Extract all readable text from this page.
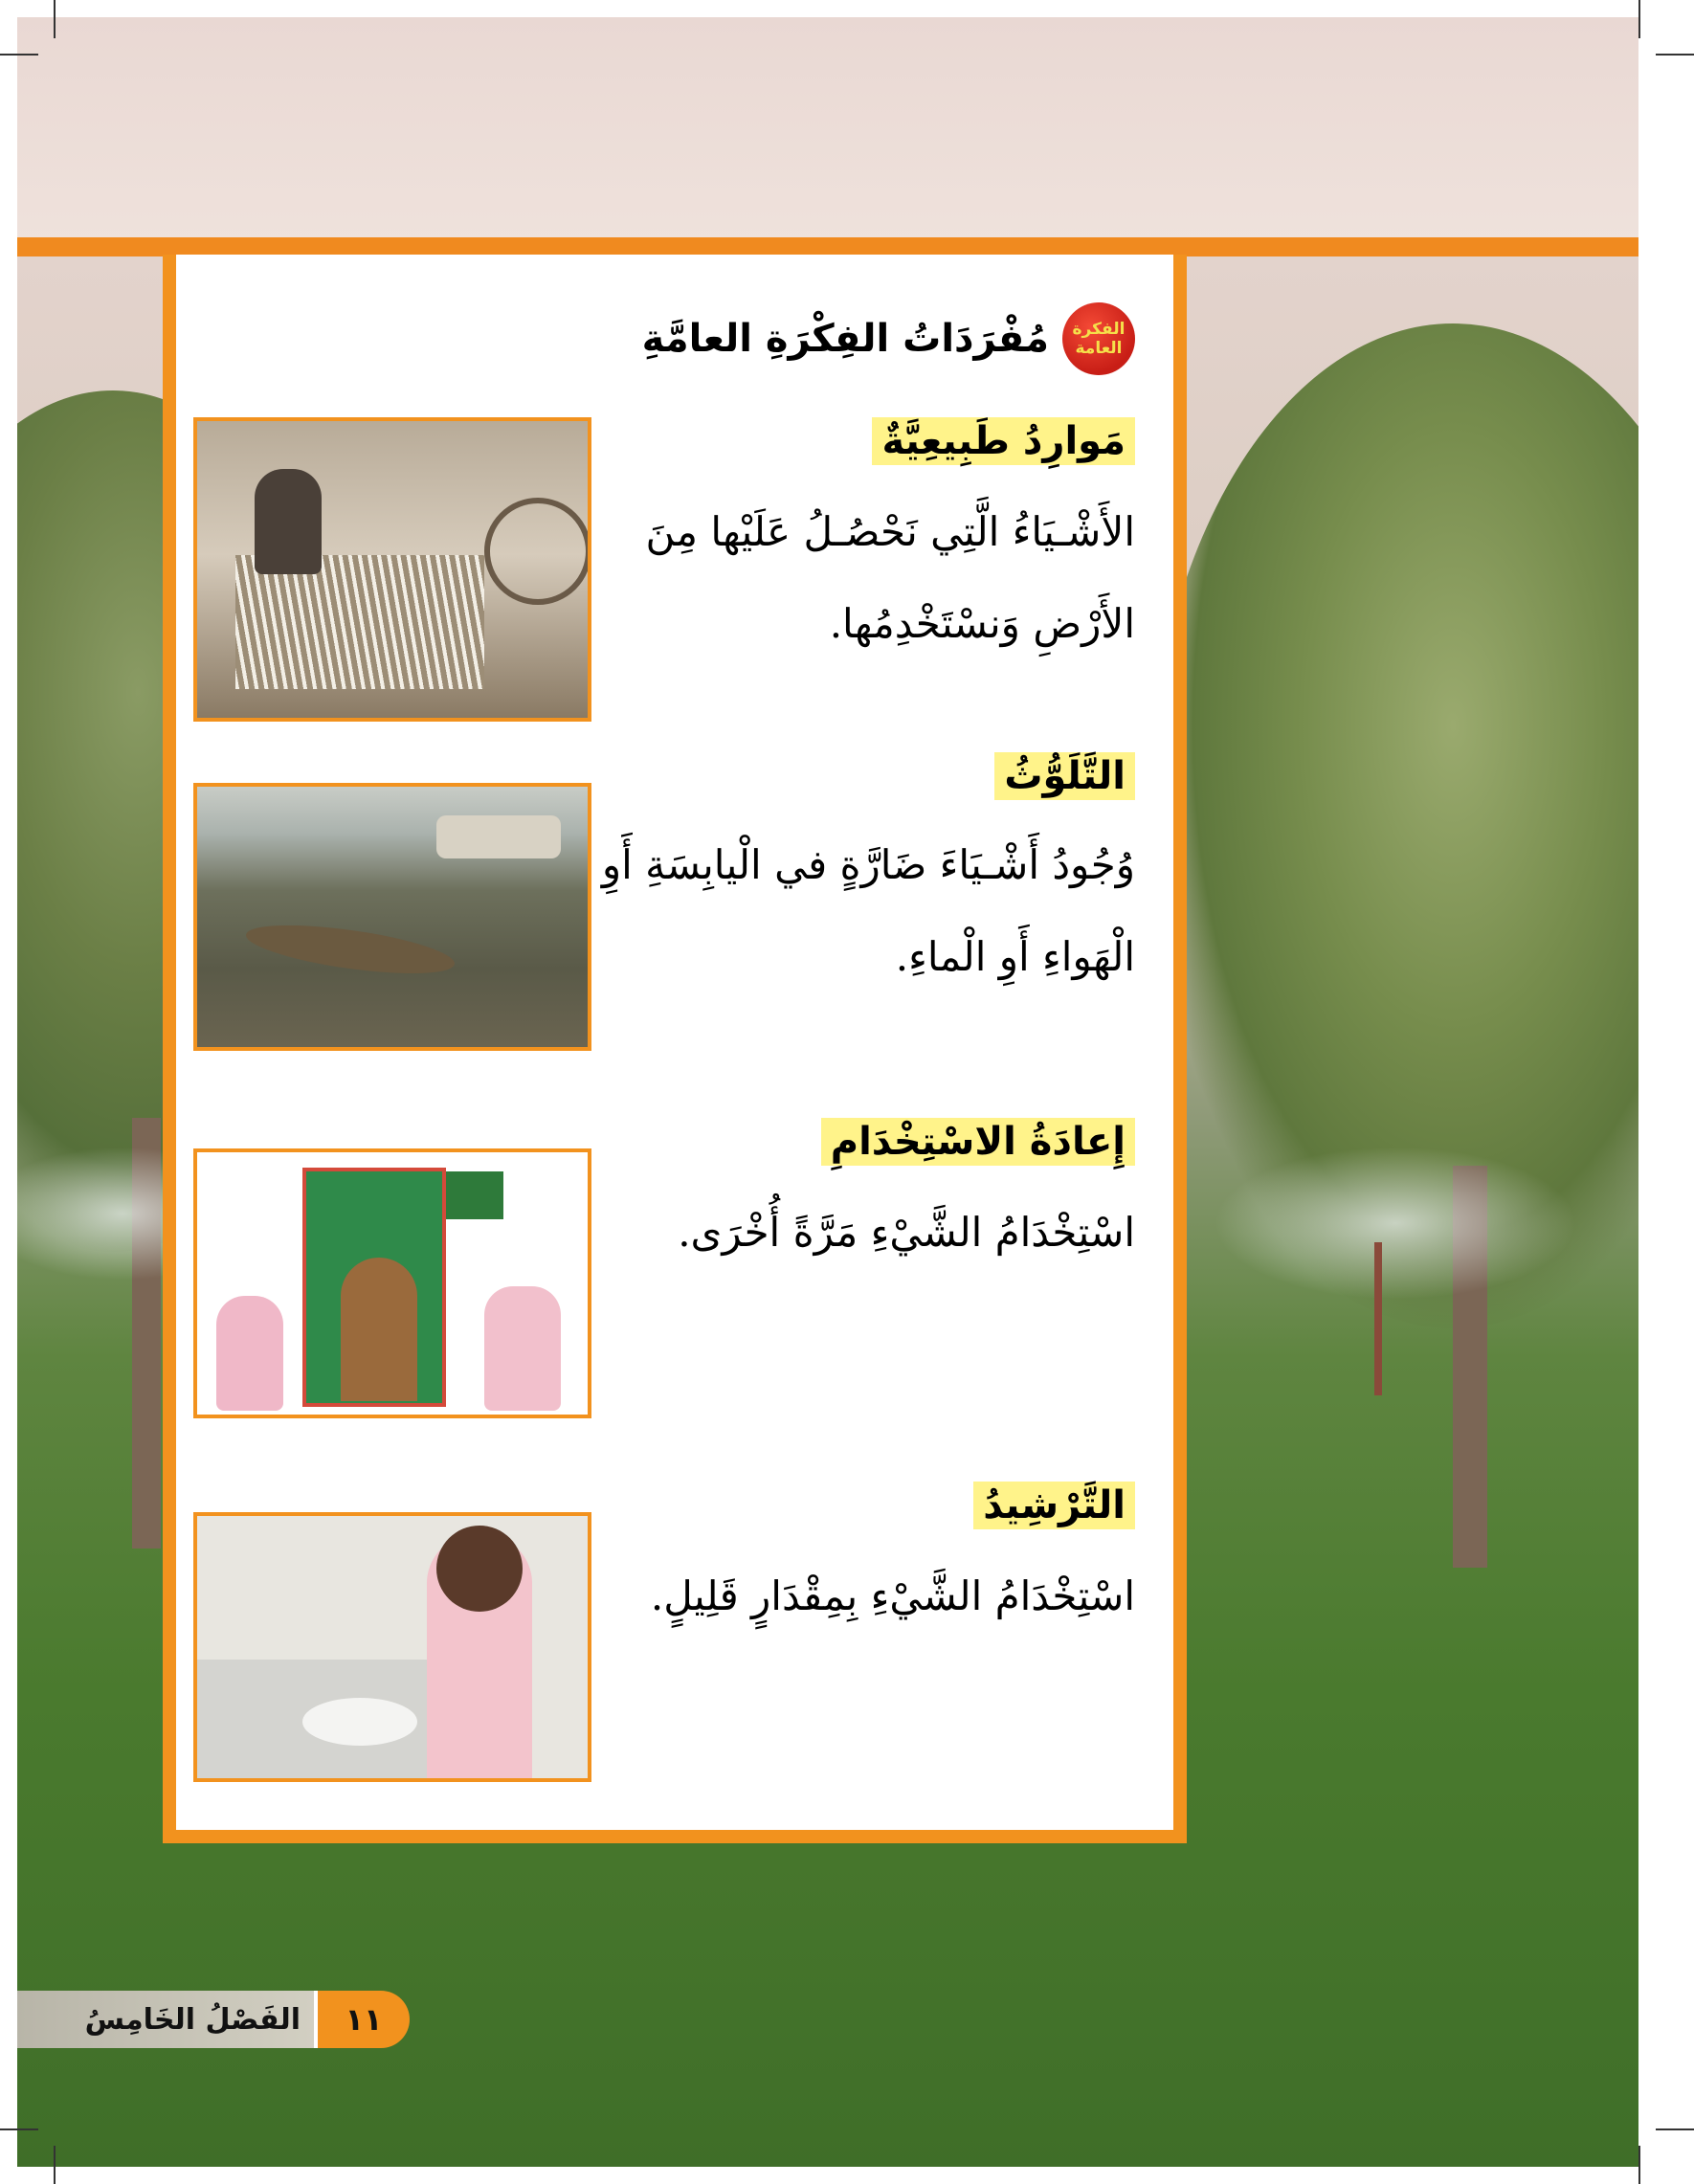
الفكرة العامة
مُفْرَدَاتُ الفِكْرَةِ العامَّةِ
مَوارِدُ طَبِيعِيَّةٌ
الأَشْـيَاءُ الَّتِي نَحْصُـلُ عَلَيْها مِنَ الأَرْضِ وَنسْتَخْدِمُها.
التَّلَوُّثُ
وُجُودُ أَشْـيَاءَ ضَارَّةٍ في الْيابِسَةِ أَوِ الْهَواءِ أَوِ الْماءِ.
إِعادَةُ الاسْتِخْدَامِ
اسْتِخْدَامُ الشَّيْءِ مَرَّةً أُخْرَى.
التَّرْشِيدُ
اسْتِخْدَامُ الشَّيْءِ بِمِقْدَارٍ قَلِيلٍ.
الفَصْلُ الخَامِسُ ١١
